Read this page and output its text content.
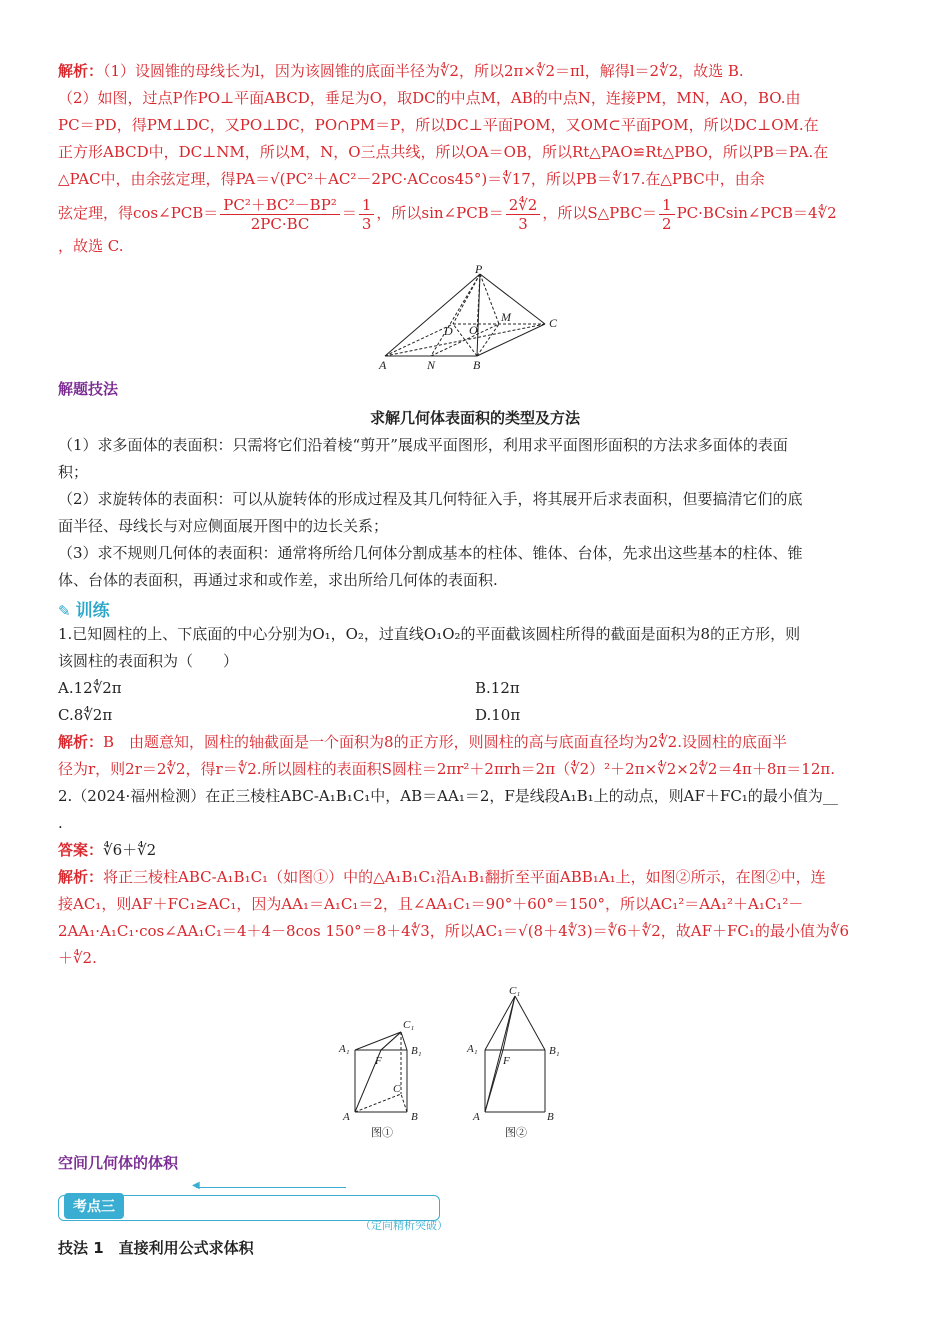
解析：（1）设圆锥的母线长为l，因为该圆锥的底面半径为∜2，所以2π×∜2＝πl，解得l＝2∜2，故选 B.

（2）如图，过点P作PO⊥平面ABCD，垂足为O，取DC的中点M，AB的中点N，连接PM，MN，AO，BO.由

PC＝PD，得PM⊥DC，又PO⊥DC，PO∩PM＝P，所以DC⊥平面POM，又OM⊂平面POM，所以DC⊥OM.在

正方形ABCD中，DC⊥NM，所以M，N，O三点共线，所以OA＝OB，所以Rt△PAO≌Rt△PBO，所以PB＝PA.在

△PAC中，由余弦定理，得PA＝√(PC²＋AC²－2PC·ACcos45°)＝∜17，所以PB＝∜17.在△PBC中，由余

弦定理，得cos∠PCB＝ $\frac{\text{PC²＋BC²－BP²}}{2PC\cdot BC} = \frac{1}{3}$ ，所以sin∠PCB＝ $\frac{2∜2}{3}$ ，所以S△PBC＝ $\frac{1}{2}$ PC·BCsin∠PCB＝4∜2

，故选 C.

P
M	C
D O
A	N	B
解题技法
求解几何体表面积的类型及方法

（1）求多面体的表面积：只需将它们沿着棱“剪开”展成平面图形，利用求平面图形面积的方法求多面体的表面

积；

（2）求旋转体的表面积：可以从旋转体的形成过程及其几何特征入手，将其展开后求表面积，但要搞清它们的底

面半径、母线长与对应侧面展开图中的边长关系；

（3）求不规则几何体的表面积：通常将所给几何体分割成基本的柱体、锥体、台体，先求出这些基本的柱体、锥

体、台体的表面积，再通过求和或作差，求出所给几何体的表面积.

✎ 训练

1.已知圆柱的上、下底面的中心分别为O₁，O₂，过直线O₁O₂的平面截该圆柱所得的截面是面积为8的正方形，则

该圆柱的表面积为（　　）

A.12∜2π	B.12π
C.8∜2π	D.10π

解析：B　由题意知，圆柱的轴截面是一个面积为8的正方形，则圆柱的高与底面直径均为2∜2.设圆柱的底面半

径为r，则2r＝2∜2，得r＝∜2.所以圆柱的表面积S圆柱＝2πr²＋2πrh＝2π（∜2）²＋2π×∜2×2∜2＝4π＋8π＝12π.

2.（2024·福州检测）在正三棱柱ABC-A₁B₁C₁中，AB＝AA₁＝2，F是线段A₁B₁上的动点，则AF＋FC₁的最小值为__

.

答案：∜6＋∜2

解析：将正三棱柱ABC-A₁B₁C₁（如图①）中的△A₁B₁C₁沿A₁B₁翻折至平面ABB₁A₁上，如图②所示，在图②中，连

接AC₁，则AF＋FC₁≥AC₁，因为AA₁＝A₁C₁＝2，且∠AA₁C₁＝90°＋60°＝150°，所以AC₁²＝AA₁²＋A₁C₁²－

2AA₁·A₁C₁·cos∠AA₁C₁＝4＋4－8cos 150°＝8＋4∜3，所以AC₁＝√(8＋4∜3)＝∜6＋∜2，故AF＋FC₁的最小值为∜6

＋∜2.

C₁
A₁	B₁
F
C
A	B
图①
C₁
A₁	B₁
F
A	B
图②
空间几何体的体积
◀
考点三
（定向精析突破）
技法 1　直接利用公式求体积
